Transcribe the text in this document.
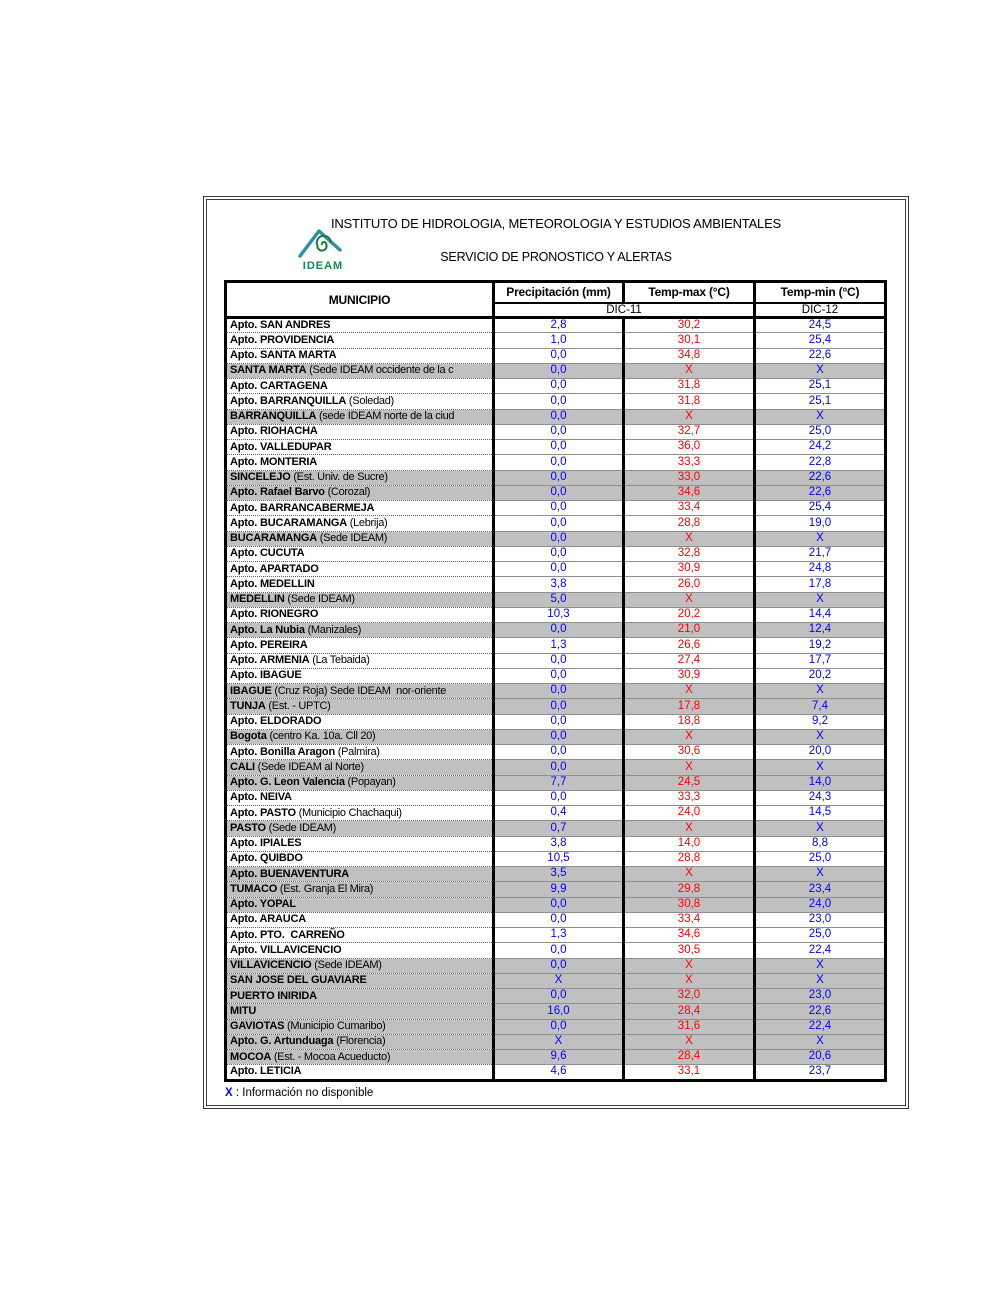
INSTITUTO DE HIDROLOGIA, METEOROLOGIA Y ESTUDIOS AMBIENTALES
SERVICIO DE PRONOSTICO Y ALERTAS
IDEAM
MUNICIPIO	Precipitación (mm)	Temp-max (°C)	Temp-min (°C)
	DIC-11		DIC-12
Apto. SAN ANDRES	2,8	30,2	24,5
Apto. PROVIDENCIA	1,0	30,1	25,4
Apto. SANTA MARTA	0,0	34,8	22,6
SANTA MARTA (Sede IDEAM occidente de la c	0,0	X	X
Apto. CARTAGENA	0,0	31,8	25,1
Apto. BARRANQUILLA (Soledad)	0,0	31,8	25,1
BARRANQUILLA (sede IDEAM norte de la ciud	0,0	X	X
Apto. RIOHACHA	0,0	32,7	25,0
Apto. VALLEDUPAR	0,0	36,0	24,2
Apto. MONTERIA	0,0	33,3	22,8
SINCELEJO (Est. Univ. de Sucre)	0,0	33,0	22,6
Apto. Rafael Barvo (Corozal)	0,0	34,6	22,6
Apto. BARRANCABERMEJA	0,0	33,4	25,4
Apto. BUCARAMANGA (Lebrija)	0,0	28,8	19,0
BUCARAMANGA (Sede IDEAM)	0,0	X	X
Apto. CUCUTA	0,0	32,8	21,7
Apto. APARTADO	0,0	30,9	24,8
Apto. MEDELLIN	3,8	26,0	17,8
MEDELLIN (Sede IDEAM)	5,0	X	X
Apto. RIONEGRO	10,3	20,2	14,4
Apto. La Nubia (Manizales)	0,0	21,0	12,4
Apto. PEREIRA	1,3	26,6	19,2
Apto. ARMENIA (La Tebaida)	0,0	27,4	17,7
Apto. IBAGUE	0,0	30,9	20,2
IBAGUE (Cruz Roja) Sede IDEAM  nor-oriente	0,0	X	X
TUNJA (Est. - UPTC)	0,0	17,8	7,4
Apto. ELDORADO	0,0	18,8	9,2
Bogota (centro Ka. 10a. Cll 20)	0,0	X	X
Apto. Bonilla Aragon (Palmira)	0,0	30,6	20,0
CALI (Sede IDEAM al Norte)	0,0	X	X
Apto. G. Leon Valencia (Popayan)	7,7	24,5	14,0
Apto. NEIVA	0,0	33,3	24,3
Apto. PASTO (Municipio Chachaqui)	0,4	24,0	14,5
PASTO (Sede IDEAM)	0,7	X	X
Apto. IPIALES	3,8	14,0	8,8
Apto. QUIBDO	10,5	28,8	25,0
Apto. BUENAVENTURA	3,5	X	X
TUMACO (Est. Granja El Mira)	9,9	29,8	23,4
Apto. YOPAL	0,0	30,8	24,0
Apto. ARAUCA	0,0	33,4	23,0
Apto. PTO.  CARREÑO	1,3	34,6	25,0
Apto. VILLAVICENCIO	0,0	30,5	22,4
VILLAVICENCIO (Sede IDEAM)	0,0	X	X
SAN JOSE DEL GUAVIARE	X	X	X
PUERTO INIRIDA	0,0	32,0	23,0
MITU	16,0	28,4	22,6
GAVIOTAS (Municipio Cumaribo)	0,0	31,6	22,4
Apto. G. Artunduaga (Florencia)	X	X	X
MOCOA (Est. - Mocoa Acueducto)	9,6	28,4	20,6
Apto. LETICIA	4,6	33,1	23,7
X : Información no disponible
